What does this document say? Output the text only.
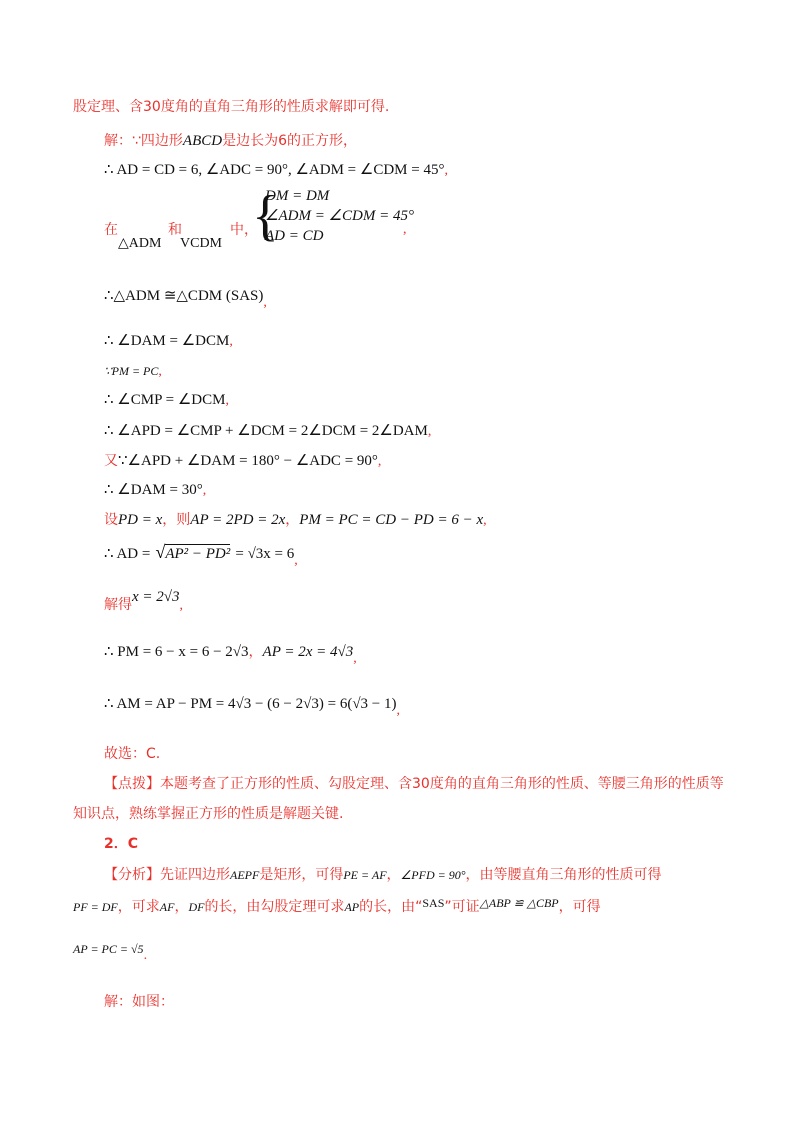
股定理、含30度角的直角三角形的性质求解即可得.
解：∵四边形ABCD是边长为6的正方形，
∴ AD = CD = 6, ∠ADC = 90°, ∠ADM = ∠CDM = 45°,
在	和	中，
△ADM VCDM {
DM = DM
∠ADM = ∠CDM = 45°
AD = CD	,
∴△ADM ≅△CDM (SAS),
∴ ∠DAM = ∠DCM,
∵PM = PC,
∴ ∠CMP = ∠DCM,
∴ ∠APD = ∠CMP + ∠DCM = 2∠DCM = 2∠DAM,
又∵∠APD + ∠DAM = 180° − ∠ADC = 90°,
∴ ∠DAM = 30°,
设PD = x，则AP = 2PD = 2x，PM = PC = CD − PD = 6 − x,
∴ AD = √AP² − PD² = √3x = 6,
解得x = 2√3,
∴ PM = 6 − x = 6 − 2√3，AP = 2x = 4√3,
∴ AM = AP − PM = 4√3 − (6 − 2√3) = 6(√3 − 1),
故选：C.
【点拨】本题考查了正方形的性质、勾股定理、含30度角的直角三角形的性质、等腰三角形的性质等
知识点，熟练掌握正方形的性质是解题关键.
2．C
【分析】先证四边形AEPF是矩形，可得PE = AF，∠PFD = 90°，由等腰直角三角形的性质可得
PF = DF，可求AF，DF的长，由勾股定理可求AP的长，由“$^{SAS}$”可证$^{\triangle ABP ≌ \triangle CBP}$，可得
AP = PC = √5.
解：如图：
